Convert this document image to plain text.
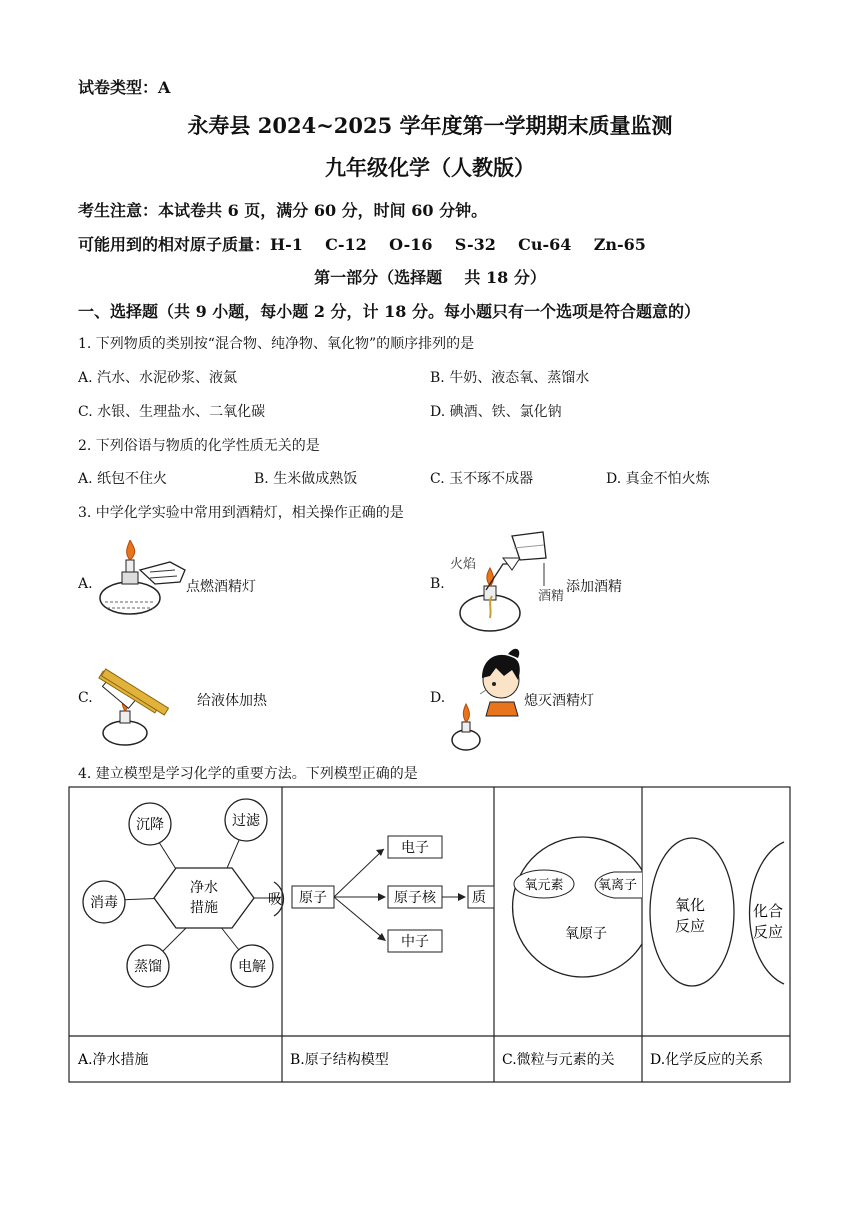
试卷类型：A
永寿县 2024~2025 学年度第一学期期末质量监测
九年级化学（人教版）
考生注意：本试卷共 6 页，满分 60 分，时间 60 分钟。
可能用到的相对原子质量：H-1    C-12    O-16    S-32    Cu-64    Zn-65
第一部分（选择题    共 18 分）
一、选择题（共 9 小题，每小题 2 分，计 18 分。每小题只有一个选项是符合题意的）
1. 下列物质的类别按“混合物、纯净物、氧化物”的顺序排列的是
A. 汽水、水泥砂浆、液氮	B. 牛奶、液态氧、蒸馏水
C. 水银、生理盐水、二氧化碳	D. 碘酒、铁、氯化钠
2. 下列俗语与物质的化学性质无关的是
A. 纸包不住火	B. 生米做成熟饭	C. 玉不琢不成器	D. 真金不怕火炼
3. 中学化学实验中常用到酒精灯，相关操作正确的是
A.	点燃酒精灯	B.
火焰
酒精
添加酒精
C.	给液体加热	D.	熄灭酒精灯
4. 建立模型是学习化学的重要方法。下列模型正确的是
净水
措施
沉降	过滤
消毒	吸
蒸馏	电解
原子
电子
原子核
中子
质
氧元素	氧离子
氧原子
氧化
反应
化合
反应
A.净水措施	B.原子结构模型	C.微粒与元素的关	D.化学反应的关系
